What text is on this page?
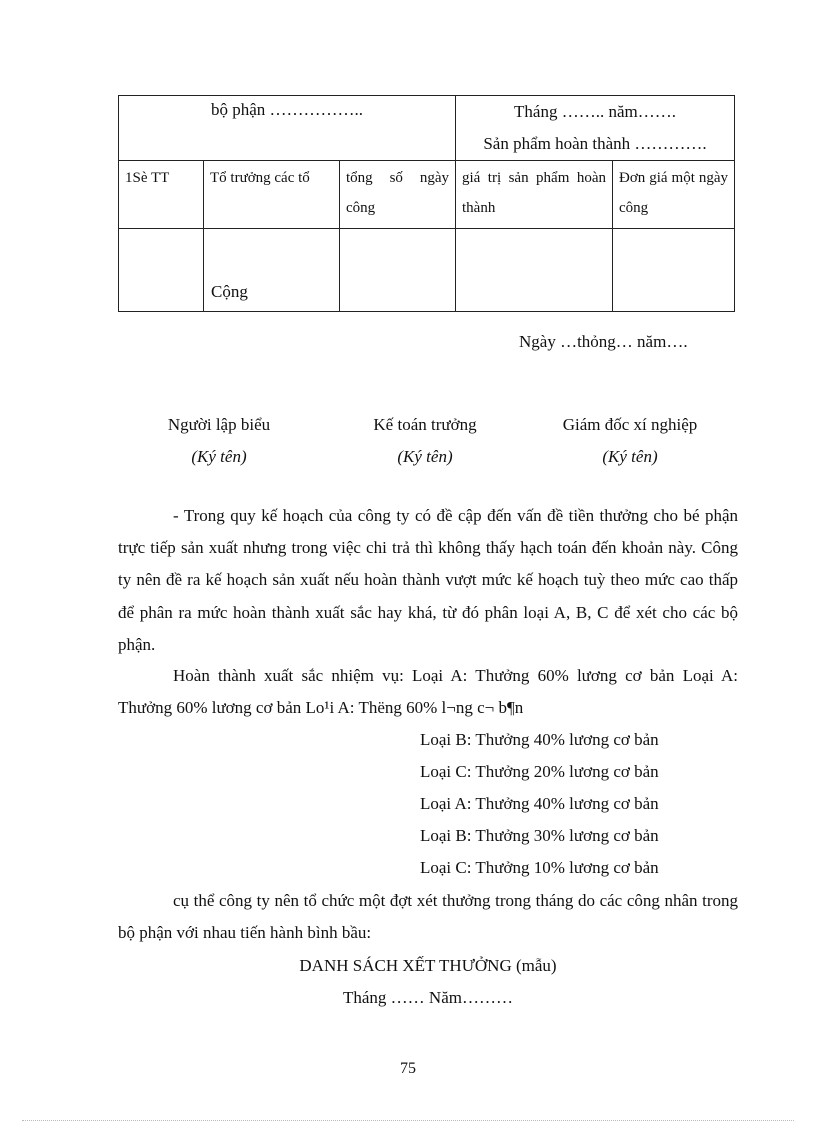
bộ phận ……………..			Tháng …….. năm…….
Sản phẩm hoàn thành ………….	

1Sè TT	Tổ trưởng các tổ	tổng số ngày công	giá trị sản phẩm hoàn thành	Đơn giá một ngày công

	Cộng			

Ngày …thỏng… năm….
Người lập biểu
(Ký tên)
Kế toán trưởng
(Ký tên)
Giám đốc xí nghiệp
(Ký tên)

- Trong quy kế hoạch của công ty có đề cập đến vấn đề tiền thưởng cho bé phận trực tiếp sản xuất nhưng trong việc chi trả thì không thấy hạch toán đến khoản này. Công ty nên đề ra kế hoạch sản xuất nếu hoàn thành vượt mức kế hoạch tuỳ theo mức cao thấp để phân ra mức hoàn thành xuất sắc hay khá, từ đó phân loại A, B, C để xét cho các bộ phận.

Hoàn thành xuất sắc nhiệm vụ: Loại A: Thưởng 60% lương cơ bản Loại A: Thưởng 60% lương cơ bản Lo¹i A: Thëng 60% l¬ng c¬ b¶n

Loại B: Thưởng 40% lương cơ bản
Loại C: Thưởng 20% lương cơ bản
Loại A: Thưởng 40% lương cơ bản
Loại B: Thưởng 30% lương cơ bản
Loại C: Thưởng 10% lương cơ bản

cụ thể công ty nên tổ chức một đợt xét thưởng trong tháng do các công nhân trong bộ phận với nhau tiến hành bình bầu:

DANH SÁCH XẾT THƯỞNG (mẫu)
Tháng …… Năm………
75
